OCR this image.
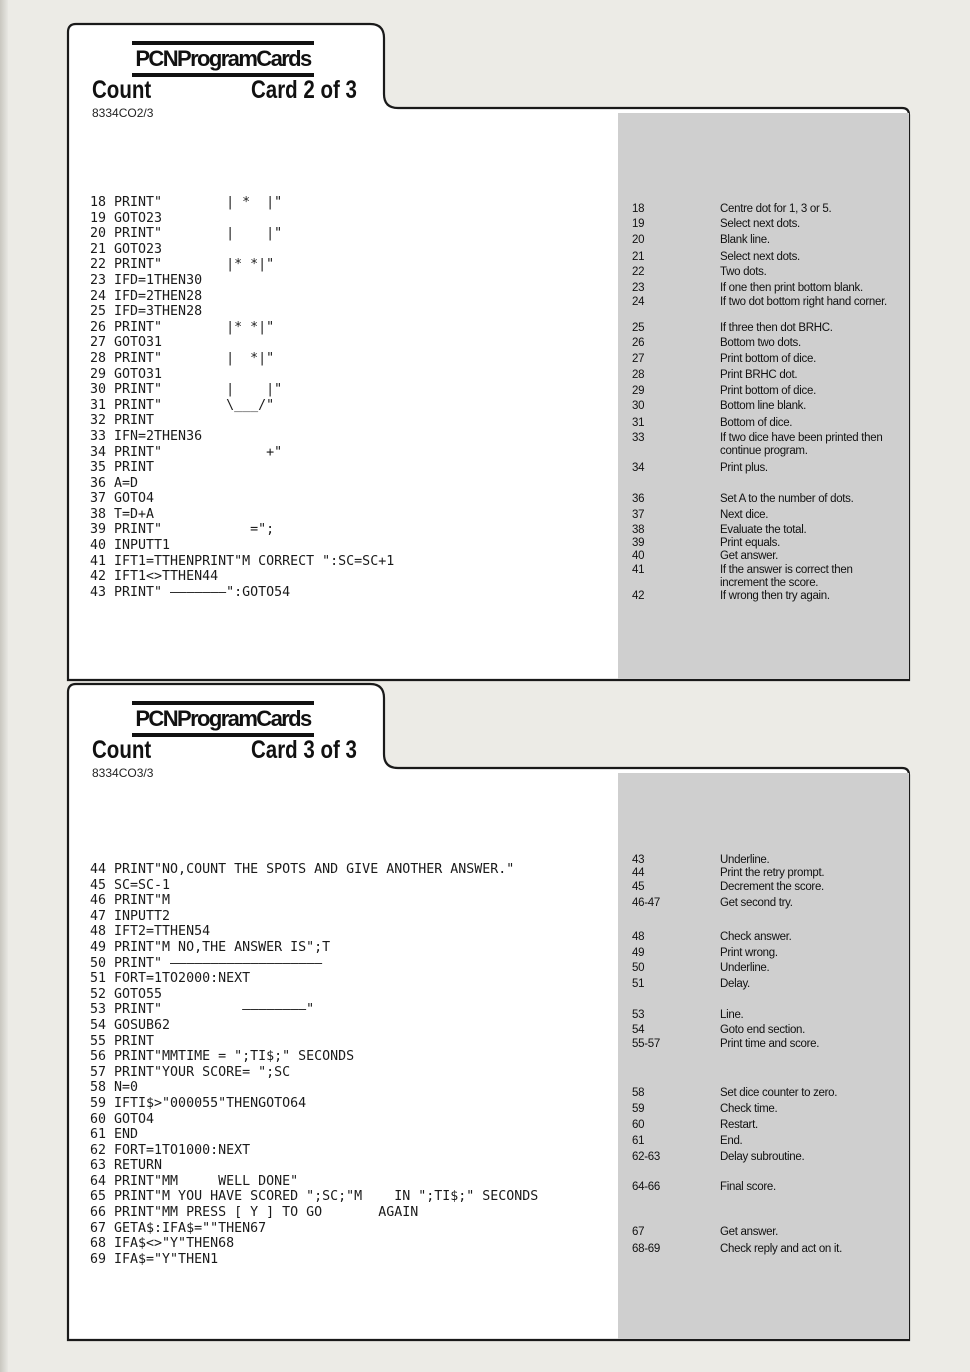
PCNProgramCards
Count	Card 2 of 3
8334CO2/3
18 PRINT"        | *  |"
19 GOTO23
20 PRINT"        |    |"
21 GOTO23
22 PRINT"        |* *|"
23 IFD=1THEN30
24 IFD=2THEN28
25 IFD=3THEN28
26 PRINT"        |* *|"
27 GOTO31
28 PRINT"        |  *|"
29 GOTO31
30 PRINT"        |    |"
31 PRINT"        \___/"
32 PRINT
33 IFN=2THEN36
34 PRINT"             +"
35 PRINT
36 A=D
37 GOTO4
38 T=D+A
39 PRINT"           =";
40 INPUTT1
41 IFT1=TTHENPRINT"M CORRECT ":SC=SC+1
42 IFT1<>TTHEN44
43 PRINT" ———————":GOTO54
18	Centre dot for 1, 3 or 5.
19	Select next dots.
20	Blank line.
21	Select next dots.
22	Two dots.
23	If one then print bottom blank.
24	If two dot bottom right hand corner.
25	If three then dot BRHC.
26	Bottom two dots.
27	Print bottom of dice.
28	Print BRHC dot.
29	Print bottom of dice.
30	Bottom line blank.
31	Bottom of dice.
33	If two dice have been printed then continue program.
34	Print plus.
36	Set A to the number of dots.
37	Next dice.
38	Evaluate the total.
39	Print equals.
40	Get answer.
41	If the answer is correct then increment the score.
42	If wrong then try again.
PCNProgramCards
Count	Card 3 of 3
8334CO3/3
44 PRINT"NO,COUNT THE SPOTS AND GIVE ANOTHER ANSWER."
45 SC=SC-1
46 PRINT"M
47 INPUTT2
48 IFT2=TTHEN54
49 PRINT"M NO,THE ANSWER IS";T
50 PRINT" ———————————————————
51 FORT=1TO2000:NEXT
52 GOTO55
53 PRINT"          ————————"
54 GOSUB62
55 PRINT
56 PRINT"MMTIME = ";TI$;" SECONDS
57 PRINT"YOUR SCORE= ";SC
58 N=0
59 IFTI$>"000055"THENGOTO64
60 GOTO4
61 END
62 FORT=1TO1000:NEXT
63 RETURN
64 PRINT"MM     WELL DONE"
65 PRINT"M YOU HAVE SCORED ";SC;"M    IN ";TI$;" SECONDS
66 PRINT"MM PRESS [ Y ] TO GO       AGAIN
67 GETA$:IFA$=""THEN67
68 IFA$<>"Y"THEN68
69 IFA$="Y"THEN1
43	Underline.
44	Print the retry prompt.
45	Decrement the score.
46-47	Get second try.
48	Check answer.
49	Print wrong.
50	Underline.
51	Delay.
53	Line.
54	Goto end section.
55-57	Print time and score.
58	Set dice counter to zero.
59	Check time.
60	Restart.
61	End.
62-63	Delay subroutine.
64-66	Final score.
67	Get answer.
68-69	Check reply and act on it.
